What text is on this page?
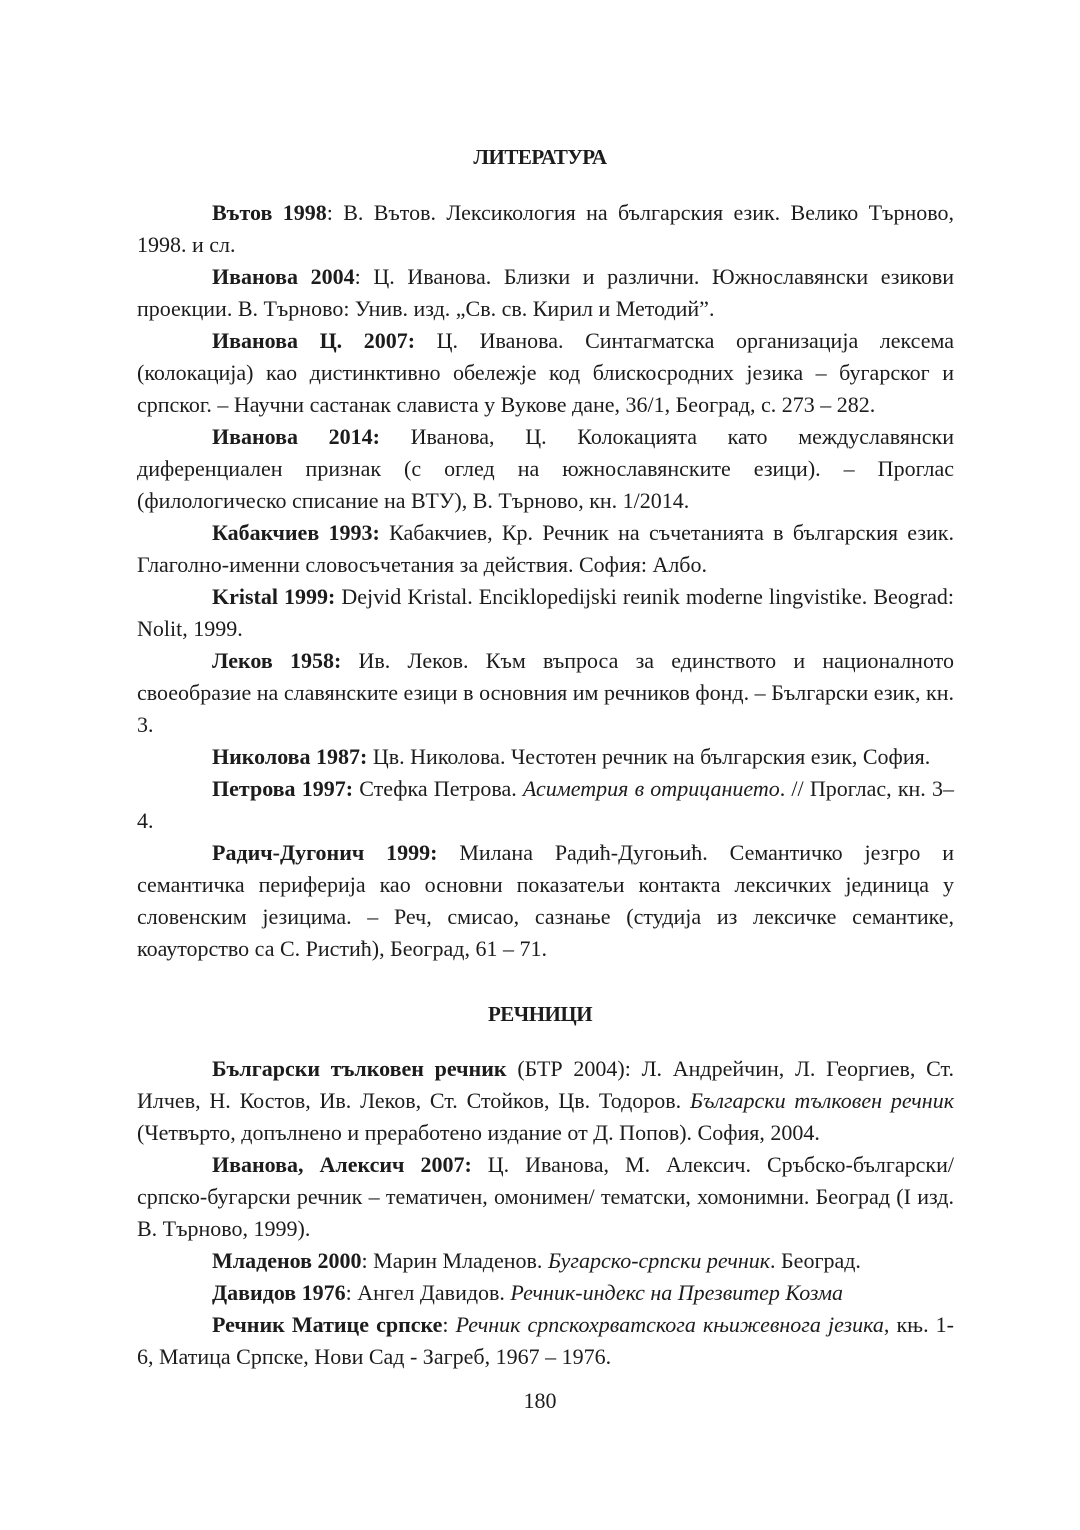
ЛИТЕРАТУРА

Вътов 1998: В. Вътов. Лексикология на българския език. Велико Търново, 1998. и сл.

Иванова 2004: Ц. Иванова. Близки и различни. Южнославянски езикови проекции. В. Търново: Унив. изд. „Св. св. Кирил и Методий”.

Иванова Ц. 2007: Ц. Иванова. Синтагматска организација лексема (колокација) као дистинктивно обележје код блискосродних језика – бугарског и српског. – Научни састанак слависта у Вукове дане, 36/1, Београд, с. 273 – 282.

Иванова 2014: Иванова, Ц. Колокацията като междуславянски диференциален признак (с оглед на южнославянските езици). – Проглас (филологическо списание на ВТУ), В. Търново, кн. 1/2014.

Кабакчиев 1993: Кабакчиев, Кр. Речник на съчетанията в българския език. Глаголно-именни словосъчетания за действия. София: Албо.

Kristal 1999: Dejvid Kristal. Enciklopedijski reиnik moderne lingvistike. Beograd: Nolit, 1999.

Леков 1958: Ив. Леков. Към въпроса за единството и националното своеобразие на славянските езици в основния им речников фонд. – Български език, кн. 3.

Николова 1987: Цв. Николова. Честотен речник на българския език, София.

Петрова 1997: Стефка Петрова. Асиметрия в отрицанието. // Проглас, кн. 3–4.

Радич-Дугонич 1999: Милана Радић-Дугоњић. Семантичко језгро и семантичка периферија као основни показатељи контакта лексичких јединица у словенским језицима. – Реч, смисао, сазнање (студија из лексичке семантике, коауторство са С. Ристић), Београд, 61 – 71.

РЕЧНИЦИ

Български тълковен речник (БТР 2004): Л. Андрейчин, Л. Георгиев, Ст. Илчев, Н. Костов, Ив. Леков, Ст. Стойков, Цв. Тодоров. Български тълковен речник (Четвърто, допълнено и преработено издание от Д. Попов). София, 2004.

Иванова, Алексич 2007: Ц. Иванова, М. Алексич. Сръбско-български/ српско-бугарски речник – тематичен, омонимен/ тематски, хомонимни. Београд (I изд. В. Търново, 1999).

Младенов 2000: Марин Младенов. Бугарско-српски речник. Београд.

Давидов 1976: Ангел Давидов. Речник-индекс на Презвитер Козма

Речник Матице српске: Речник српскохрватскога књижевнога језика, књ. 1-6, Матица Српске, Нови Сад - Загреб, 1967 – 1976.

180
